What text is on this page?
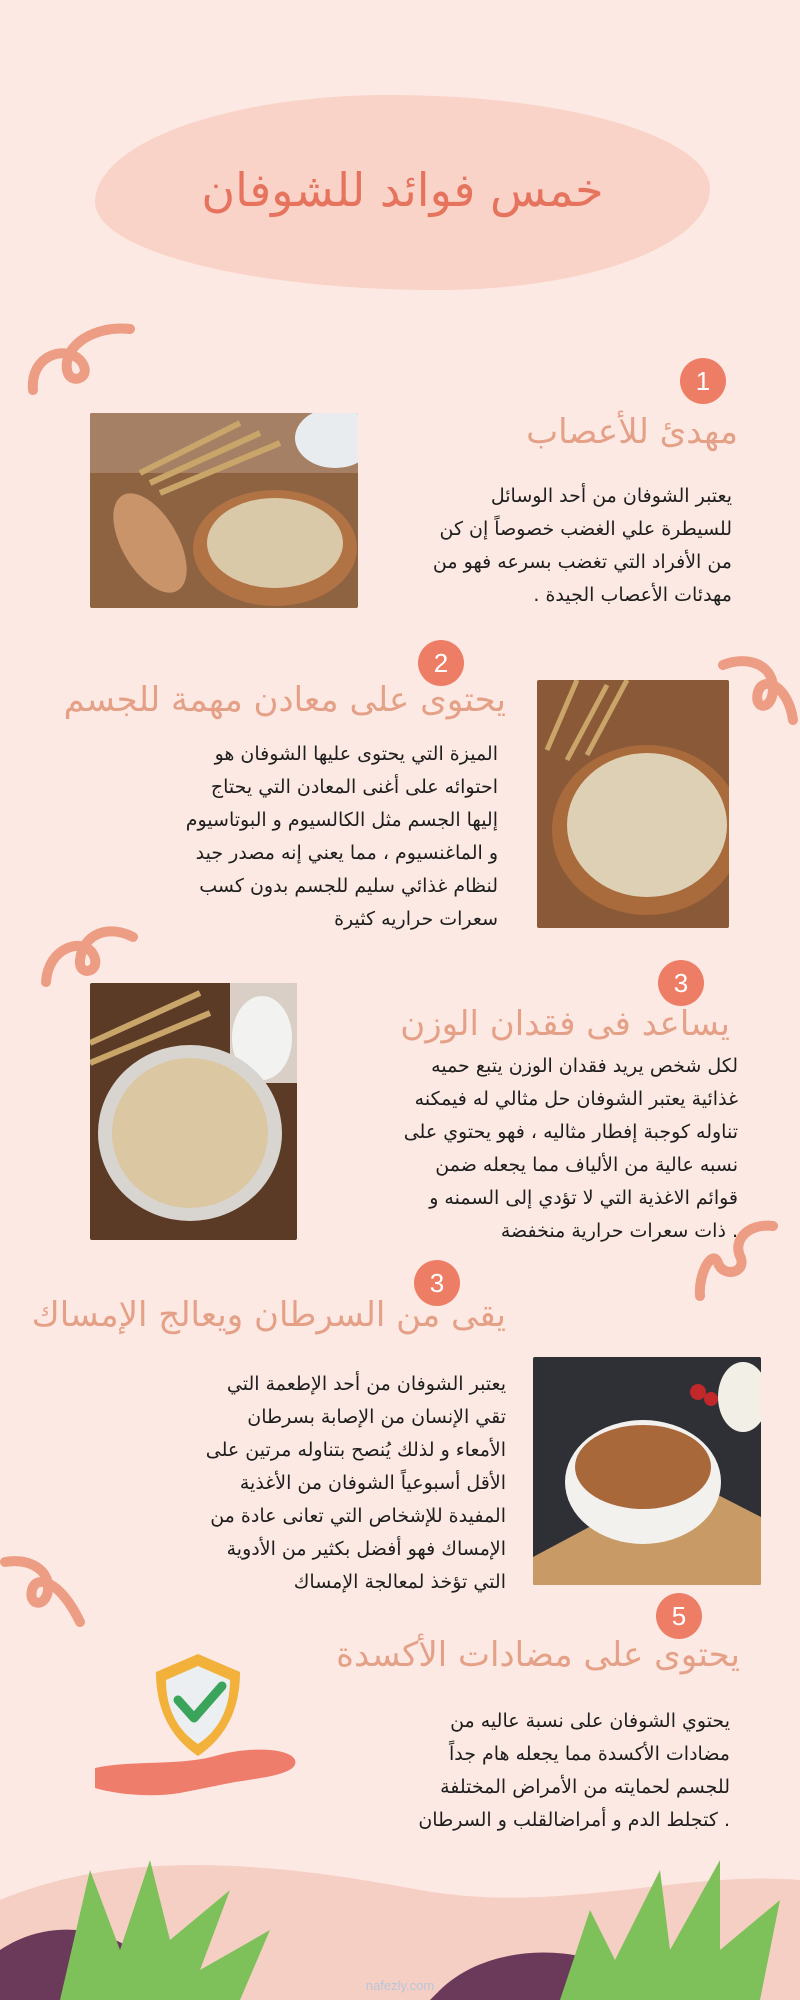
خمس فوائد للشوفان
1
مهدئ للأعصاب
يعتبر الشوفان من أحد الوسائل
للسيطرة علي الغضب خصوصاً إن كن
من الأفراد التي تغضب بسرعه فهو من
مهدئات الأعصاب الجيدة .
2
يحتوى على معادن مهمة للجسم
الميزة التي يحتوى عليها الشوفان هو
احتوائه على أغنى المعادن التي يحتاج
إليها الجسم مثل الكالسيوم و البوتاسيوم
و الماغنسيوم ، مما يعني إنه مصدر جيد
لنظام غذائي سليم للجسم بدون كسب
سعرات حراريه كثيرة
3
يساعد فى فقدان الوزن
لكل شخص يريد فقدان الوزن يتبع حميه
غذائية يعتبر الشوفان حل مثالي له فيمكنه
تناوله كوجبة إفطار مثاليه ، فهو يحتوي على
نسبه عالية من الألياف مما يجعله ضمن
قوائم الاغذية التي لا تؤدي إلى السمنه و
. ذات سعرات حرارية منخفضة
3
يقى من السرطان ويعالج الإمساك
يعتبر الشوفان من أحد الإطعمة التي
تقي الإنسان من الإصابة بسرطان
الأمعاء و لذلك يُنصح بتناوله مرتين على
الأقل أسبوعياً الشوفان من الأغذية
المفيدة للإشخاص التي تعانى عادة من
الإمساك فهو أفضل بكثير من الأدوية
التي تؤخذ لمعالجة الإمساك
5
يحتوى على مضادات الأكسدة
يحتوي الشوفان على نسبة عاليه من
مضادات الأكسدة مما يجعله هام جداً
للجسم لحمايته من الأمراض المختلفة
. كتجلط الدم و أمراضالقلب و السرطان
nafezly.com
